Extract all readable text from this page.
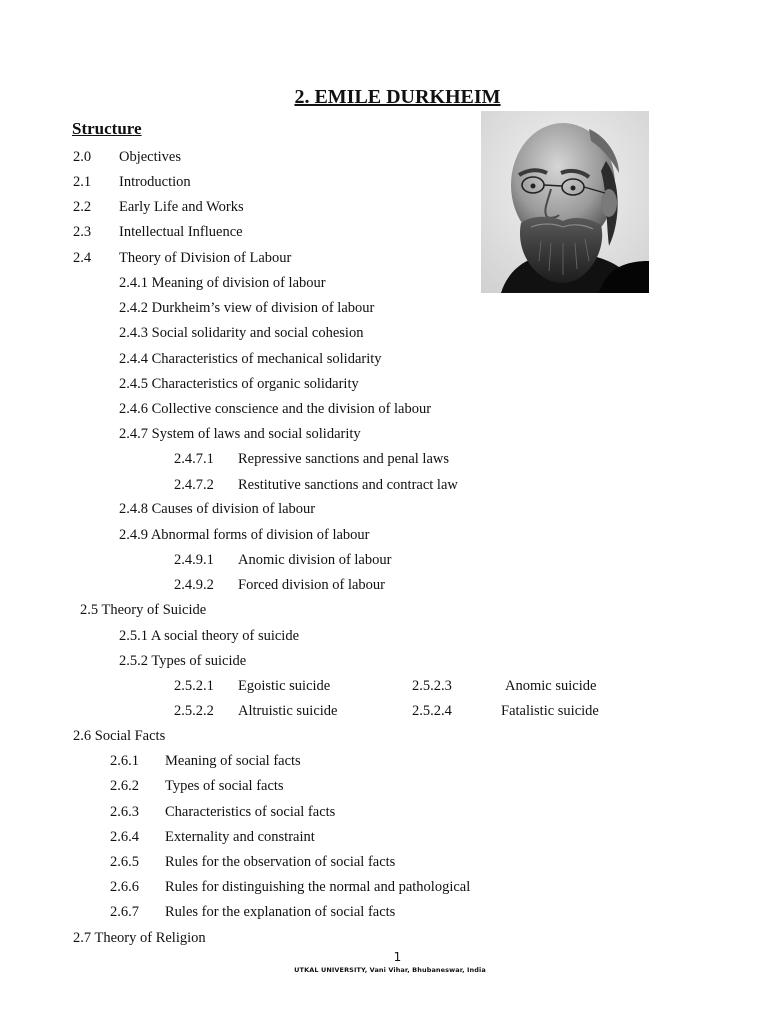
2. EMILE DURKHEIM
Structure
2.0 Objectives
2.1 Introduction
2.2 Early Life and Works
2.3 Intellectual Influence
2.4 Theory of Division of Labour
2.4.1 Meaning of division of labour
2.4.2 Durkheim’s view of division of labour
2.4.3 Social solidarity and social cohesion
2.4.4 Characteristics of mechanical solidarity
2.4.5 Characteristics of organic solidarity
2.4.6 Collective conscience and the division of labour
2.4.7 System of laws and social solidarity
2.4.7.1 Repressive sanctions and penal laws
2.4.7.2 Restitutive sanctions and contract law
2.4.8 Causes of division of labour
2.4.9 Abnormal forms of division of labour
2.4.9.1 Anomic division of labour
2.4.9.2 Forced division of labour
2.5 Theory of Suicide
2.5.1 A social theory of suicide
2.5.2 Types of suicide
2.5.2.1 Egoistic suicide	2.5.2.3	Anomic suicide
2.5.2.2 Altruistic suicide	2.5.2.4	Fatalistic suicide
2.6 Social Facts
2.6.1 Meaning of social facts
2.6.2 Types of social facts
2.6.3 Characteristics of social facts
2.6.4 Externality and constraint
2.6.5 Rules for the observation of social facts
2.6.6 Rules for distinguishing the normal and pathological
2.6.7 Rules for the explanation of social facts
2.7 Theory of Religion
1
UTKAL UNIVERSITY, Vani Vihar, Bhubaneswar, India
